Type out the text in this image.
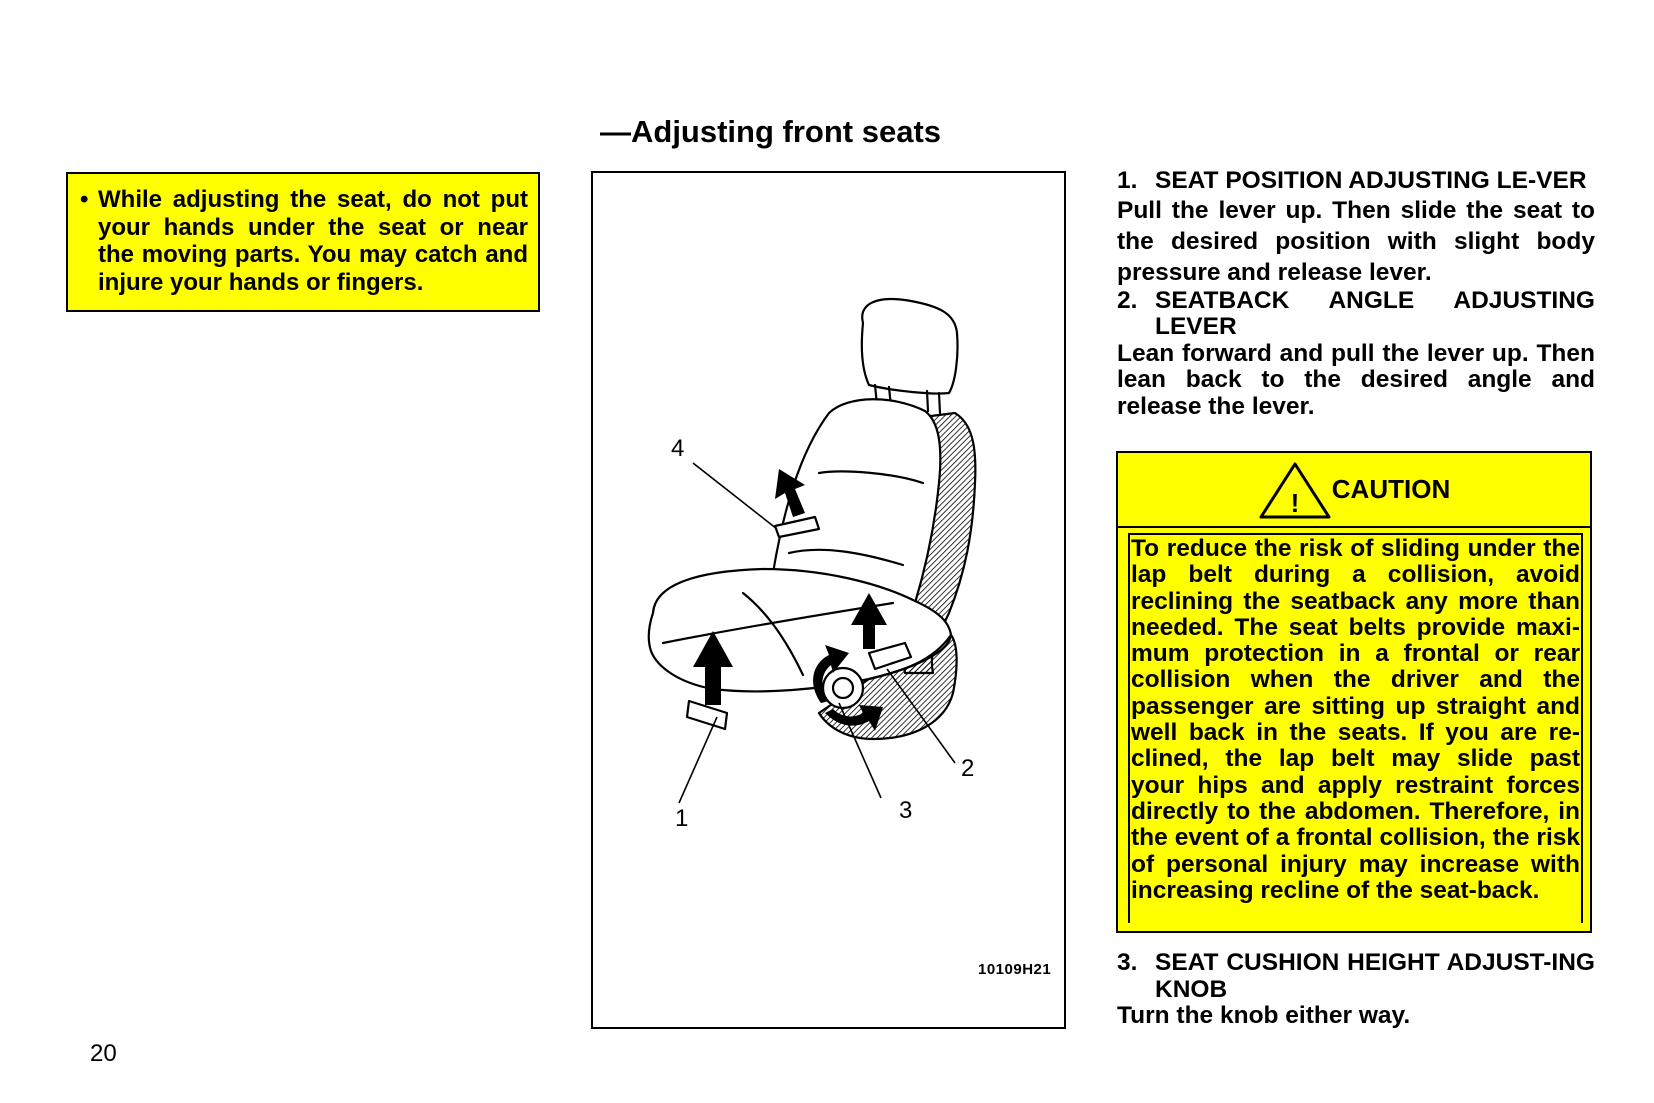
—Adjusting front seats
• While adjusting the seat, do not put your hands under the seat or near the moving parts. You may catch and injure your hands or fingers.
4
1	3
2
10109H21
1. SEAT POSITION ADJUSTING LE-VER

Pull the lever up. Then slide the seat to the desired position with slight body pressure and release lever.

2. SEATBACK ANGLE ADJUSTING LEVER

Lean forward and pull the lever up. Then lean back to the desired angle and release the lever.

! CAUTION
To reduce the risk of sliding under the lap belt during a collision, avoid reclining the seatback any more than needed. The seat belts provide maxi-mum protection in a frontal or rear collision when the driver and the passenger are sitting up straight and well back in the seats. If you are re-clined, the lap belt may slide past your hips and apply restraint forces directly to the abdomen. Therefore, in the event of a frontal collision, the risk of personal injury may increase with increasing recline of the seat-back.
3. SEAT CUSHION HEIGHT ADJUST-ING KNOB

Turn the knob either way.

20
